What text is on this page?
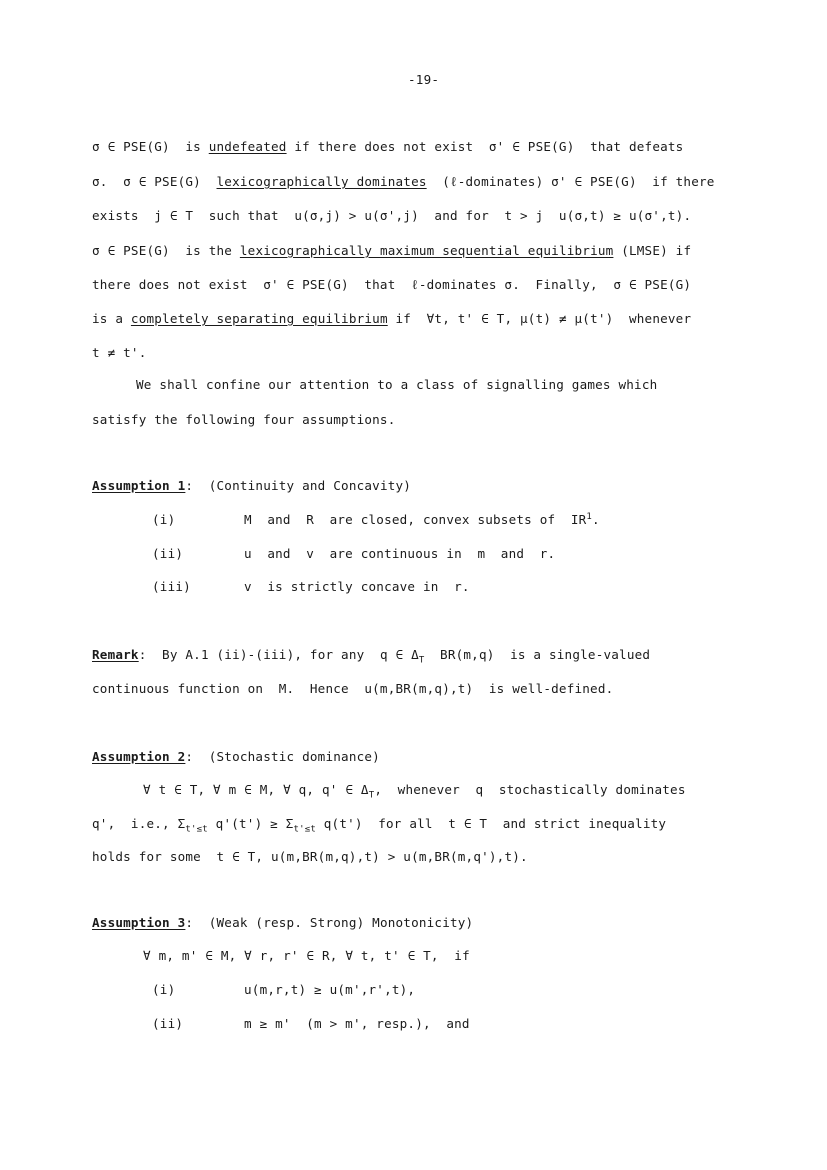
-19-
σ ∈ PSE(G)  is undefeated if there does not exist  σ' ∈ PSE(G)  that defeats
σ.  σ ∈ PSE(G)  lexicographically dominates  (ℓ-dominates) σ' ∈ PSE(G)  if there
exists  j ∈ T  such that  u(σ,j) > u(σ',j)  and for  t > j  u(σ,t) ≥ u(σ',t).
σ ∈ PSE(G)  is the lexicographically maximum sequential equilibrium (LMSE) if
there does not exist  σ' ∈ PSE(G)  that  ℓ-dominates σ.  Finally,  σ ∈ PSE(G)
is a completely separating equilibrium if  ∀t, t' ∈ T, μ(t) ≠ μ(t')  whenever
t ≠ t'.
We shall confine our attention to a class of signalling games which
satisfy the following four assumptions.
Assumption 1:  (Continuity and Concavity)
(i)	M  and  R  are closed, convex subsets of  $IR^1$.
(ii)	u  and  v  are continuous in  m  and  r.
(iii)	v  is strictly concave in  r.
Remark:  By A.1 (ii)-(iii), for any  q ∈ $\Delta_T$  BR(m,q)  is a single-valued
continuous function on  M.  Hence  u(m,BR(m,q),t)  is well-defined.
Assumption 2:  (Stochastic dominance)
∀ t ∈ T, ∀ m ∈ M, ∀ q, q' ∈ $\Delta_T$,  whenever  q  stochastically dominates
q',  i.e., $\Sigma_{t'\le t}$ $q'(t') \ge \Sigma_{t'\le t}$ q(t')  for all  t ∈ T  and strict inequality
holds for some  t ∈ T, u(m,BR(m,q),t) > u(m,BR(m,q'),t).
Assumption 3:  (Weak (resp. Strong) Monotonicity)
∀ m, m' ∈ M, ∀ r, r' ∈ R, ∀ t, t' ∈ T,  if
(i)	u(m,r,t) ≥ u(m',r',t),
(ii)	m ≥ m'  (m > m', resp.),  and
